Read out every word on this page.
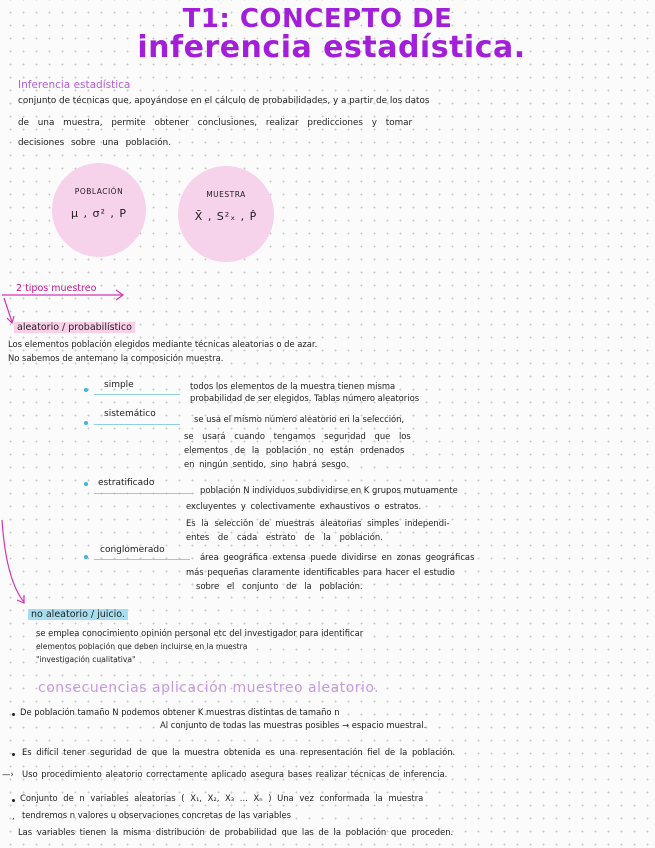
T1: CONCEPTO DE
inferencia estadística.
Inferencia estadística
conjunto de técnicas que, apoyándose en el cálculo de probabilidades, y a partir de los datos
de una muestra, permite obtener conclusiones, realizar predicciones y tomar
decisiones sobre una población.
POBLACIÓN
μ , σ² , P
MUESTRA
X̄ , S²ₓ , P̂
2 tipos muestreo
aleatorio / probabilístico
Los elementos población elegidos mediante técnicas aleatorias o de azar.
No sabemos de antemano la composición muestra.
simple	todos los elementos de la muestra tienen misma
probabilidad de ser elegidos. Tablas número aleatorios
sistemático	se usa el mismo número aleatorio en la selección,
se usará cuando tengamos seguridad que los
elementos de la población no están ordenados
en ningún sentido, sino habrá sesgo.
estratificado
población N individuos subdividirse en K grupos mutuamente
excluyentes y colectivamente exhaustivos o estratos.
Es la selección de muestras aleatorias simples independi-
entes de cada estrato de la población.
conglomerado
área geográfica extensa puede dividirse en zonas geográficas
más pequeñas claramente identificables para hacer el estudio
sobre el conjunto de la población.
no aleatorio / juicio.
se emplea conocimiento opinión personal etc del investigador para identificar
elementos población que deben incluirse en la muestra
"investigación cualitativa"
consecuencias aplicación muestreo aleatorio.
De población tamaño N podemos obtener K muestras distintas de tamaño n
Al conjunto de todas las muestras posibles → espacio muestral.
Es difícil tener seguridad de que la muestra obtenida es una representación fiel de la población.
—› Uso procedimiento aleatorio correctamente aplicado asegura bases realizar técnicas de inferencia.
Conjunto de n variables aleatorias ( X₁, X₂, X₃ ... Xₙ ) Una vez conformada la muestra
, tendremos n valores u observaciones concretas de las variables
Las variables tienen la misma distribución de probabilidad que las de la población que proceden.
